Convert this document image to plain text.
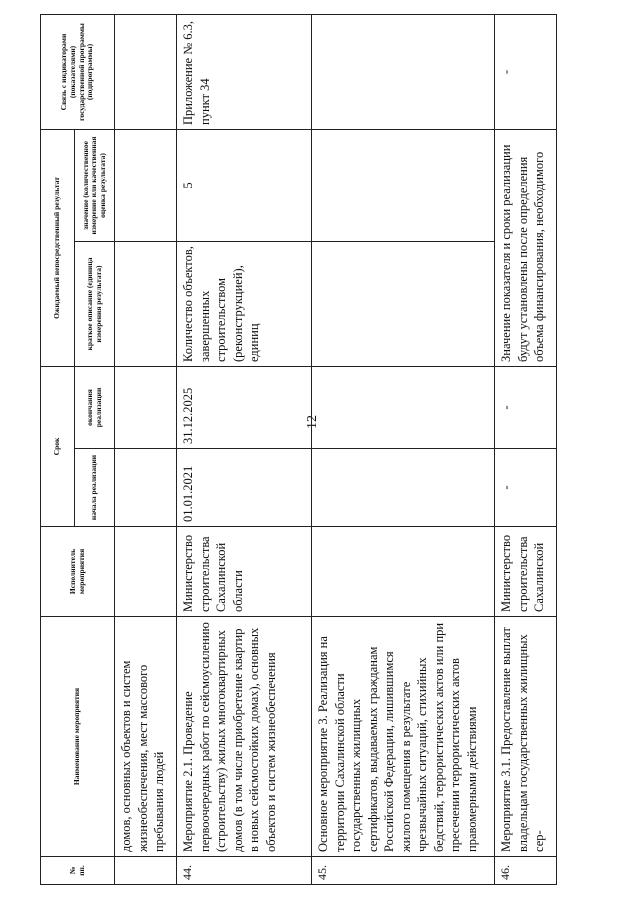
12
№ пп.	Наименование мероприятия	Исполнитель мероприятия	Срок		Ожидаемый непосредственный результат		Связь с индикаторами (показателями) государственной программы (подпрограммы)
			начала реализации	окончания реализации	краткое описание (единица измерения результата)	значение (количественное измерение или качественная оценка результата)	
	домов, основных объектов и систем жизнеобеспечения, мест массового пребывания людей						
44.	Мероприятие 2.1. Проведение первоочередных работ по сейсмоусилению (строительству) жилых многоквартирных домов (в том числе приобретение квартир в новых сейсмостойких домах), основных объектов и систем жизнеобеспечения	Министерство строительства Сахалинской области	01.01.2021	31.12.2025	Количество объектов, завершенных строительством (реконструкцией), единиц	5	Приложение № 6.3, пункт 34
45.	Основное мероприятие 3. Реализация на территории Сахалинской области государственных жилищных сертификатов, выдаваемых гражданам Российской Федерации, лишившимся жилого помещения в результате чрезвычайных ситуаций, стихийных бедствий, террористических актов или при пресечении террористических актов правомерными действиями						
46.	Мероприятие 3.1. Предоставление выплат владельцам государственных жилищных сер-	Министерство строительства Сахалинской	-	-	Значение показателя и сроки реализации будут установлены после определения объема финансирования, необходимого		-
